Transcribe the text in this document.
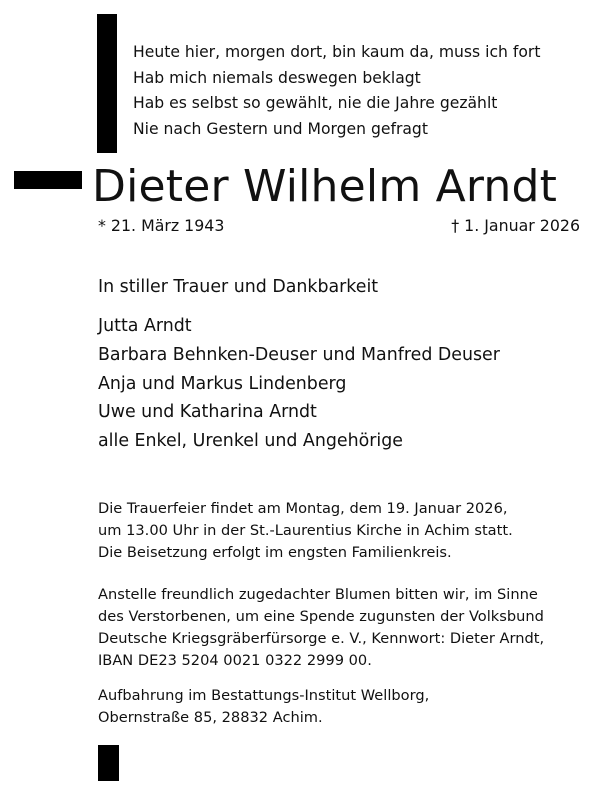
Heute hier, morgen dort, bin kaum da, muss ich fort
Hab mich niemals deswegen beklagt
Hab es selbst so gewählt, nie die Jahre gezählt
Nie nach Gestern und Morgen gefragt
Dieter Wilhelm Arndt
* 21. März 1943	† 1. Januar 2026
In stiller Trauer und Dankbarkeit
Jutta Arndt
Barbara Behnken-Deuser und Manfred Deuser
Anja und Markus Lindenberg
Uwe und Katharina Arndt
alle Enkel, Urenkel und Angehörige
Die Trauerfeier findet am Montag, dem 19. Januar 2026,
um 13.00 Uhr in der St.-Laurentius Kirche in Achim statt.
Die Beisetzung erfolgt im engsten Familienkreis.
Anstelle freundlich zugedachter Blumen bitten wir, im Sinne
des Verstorbenen, um eine Spende zugunsten der Volksbund
Deutsche Kriegsgräberfürsorge e. V., Kennwort: Dieter Arndt,
IBAN DE23 5204 0021 0322 2999 00.
Aufbahrung im Bestattungs-Institut Wellborg,
Obernstraße 85, 28832 Achim.
